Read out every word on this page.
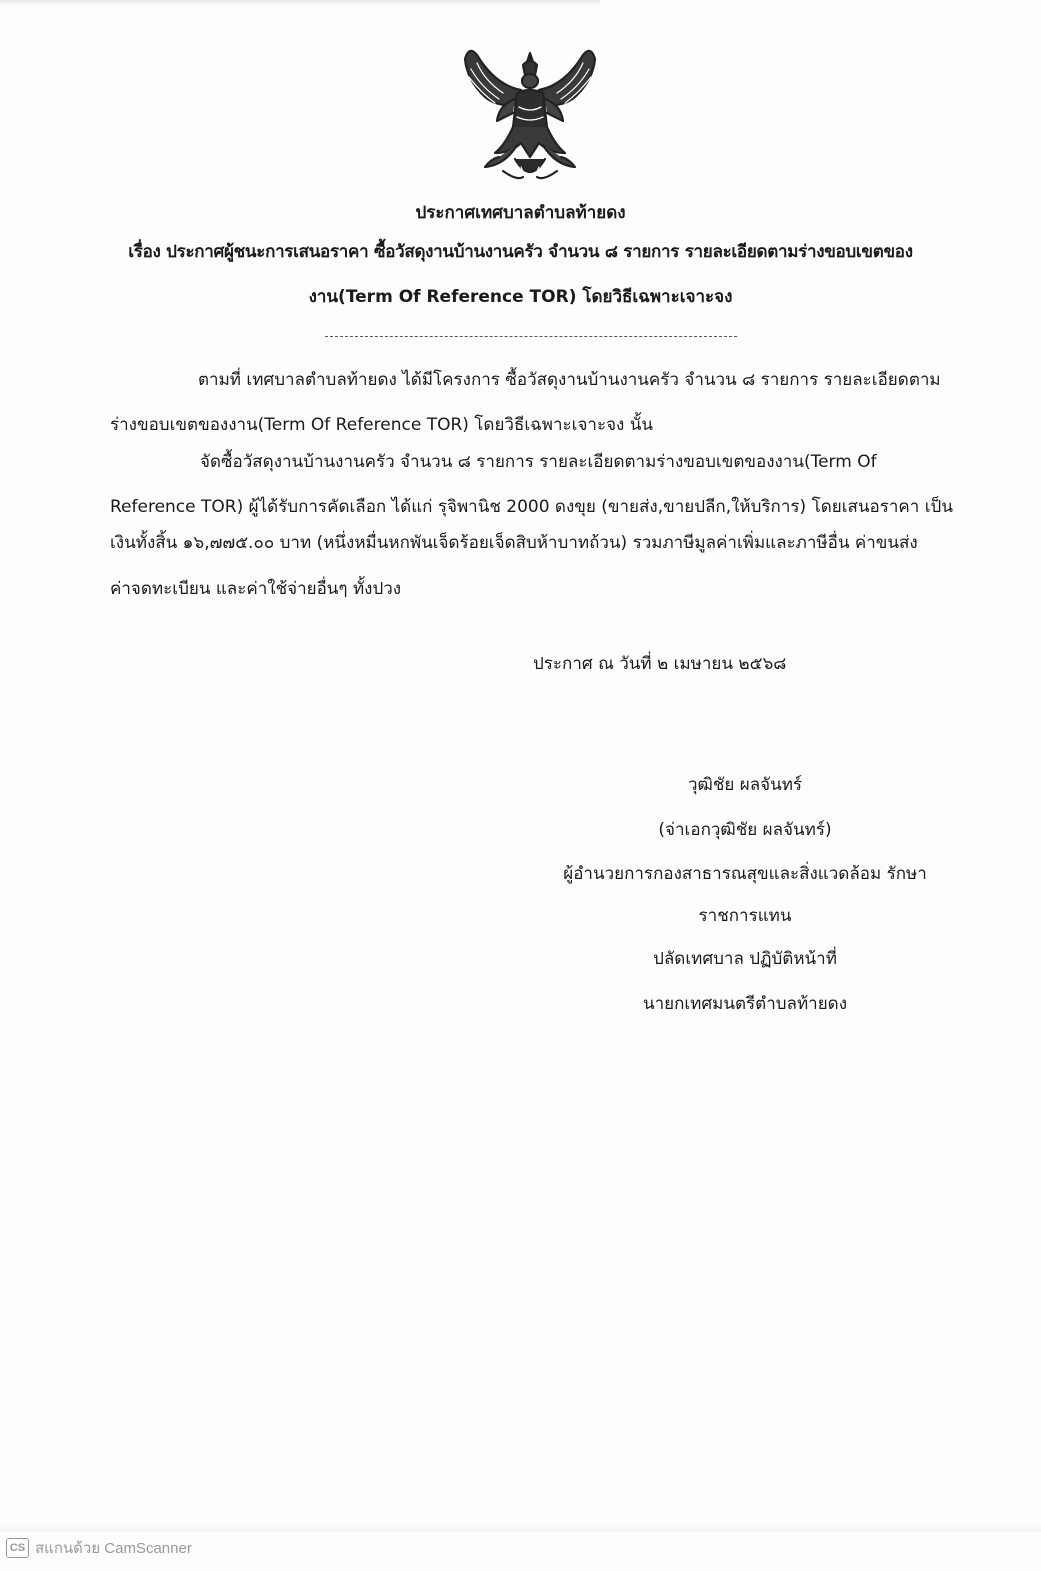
ประกาศเทศบาลตำบลท้ายดง
เรื่อง ประกาศผู้ชนะการเสนอราคา ซื้อวัสดุงานบ้านงานครัว จำนวน ๘ รายการ รายละเอียดตามร่างขอบเขตของ
งาน(Term Of Reference TOR) โดยวิธีเฉพาะเจาะจง
ตามที่ เทศบาลตำบลท้ายดง ได้มีโครงการ ซื้อวัสดุงานบ้านงานครัว จำนวน ๘ รายการ รายละเอียดตาม
ร่างขอบเขตของงาน(Term Of Reference TOR) โดยวิธีเฉพาะเจาะจง นั้น
จัดซื้อวัสดุงานบ้านงานครัว จำนวน ๘ รายการ รายละเอียดตามร่างขอบเขตของงาน(Term Of
Reference TOR) ผู้ได้รับการคัดเลือก ได้แก่ รุจิพานิช 2000 ดงขุย (ขายส่ง,ขายปลีก,ให้บริการ) โดยเสนอราคา เป็น
เงินทั้งสิ้น ๑๖,๗๗๕.๐๐ บาท (หนึ่งหมื่นหกพันเจ็ดร้อยเจ็ดสิบห้าบาทถ้วน) รวมภาษีมูลค่าเพิ่มและภาษีอื่น ค่าขนส่ง
ค่าจดทะเบียน และค่าใช้จ่ายอื่นๆ ทั้งปวง
ประกาศ ณ วันที่ ๒ เมษายน ๒๕๖๘
วุฒิชัย ผลจันทร์
(จ่าเอกวุฒิชัย ผลจันทร์)
ผู้อำนวยการกองสาธารณสุขและสิ่งแวดล้อม รักษา
ราชการแทน
ปลัดเทศบาล ปฏิบัติหน้าที่
นายกเทศมนตรีตำบลท้ายดง
CS สแกนด้วย CamScanner
